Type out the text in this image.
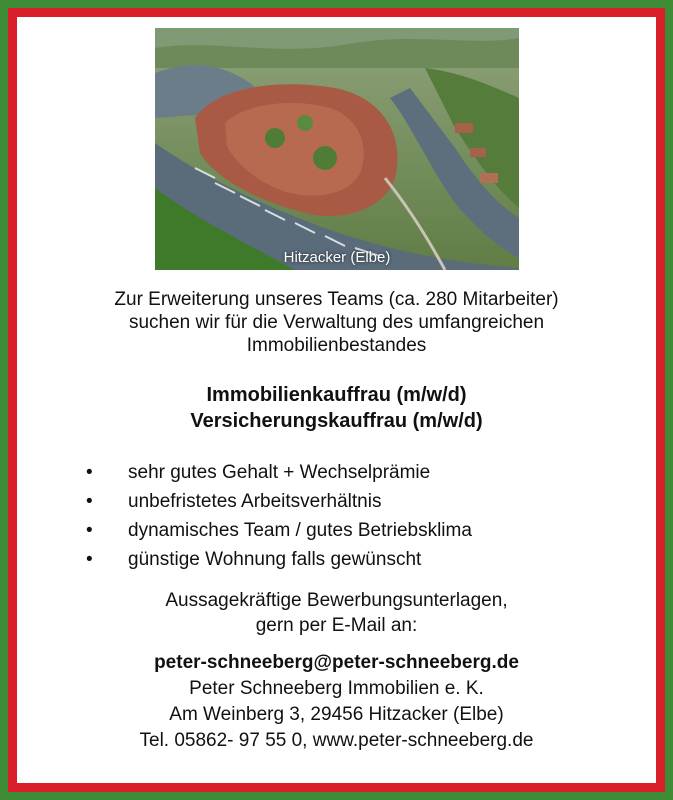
Hitzacker (Elbe)
Zur Erweiterung unseres Teams (ca. 280 Mitarbeiter)
suchen wir für die Verwaltung des umfangreichen
Immobilienbestandes
Immobilienkauffrau (m/w/d)
Versicherungskauffrau (m/w/d)
• sehr gutes Gehalt + Wechselprämie
• unbefristetes Arbeitsverhältnis
• dynamisches Team / gutes Betriebsklima
• günstige Wohnung falls gewünscht
Aussagekräftige Bewerbungsunterlagen,
gern per E-Mail an:
peter-schneeberg@peter-schneeberg.de
Peter Schneeberg Immobilien e. K.
Am Weinberg 3, 29456 Hitzacker (Elbe)
Tel. 05862- 97 55 0, www.peter-schneeberg.de
